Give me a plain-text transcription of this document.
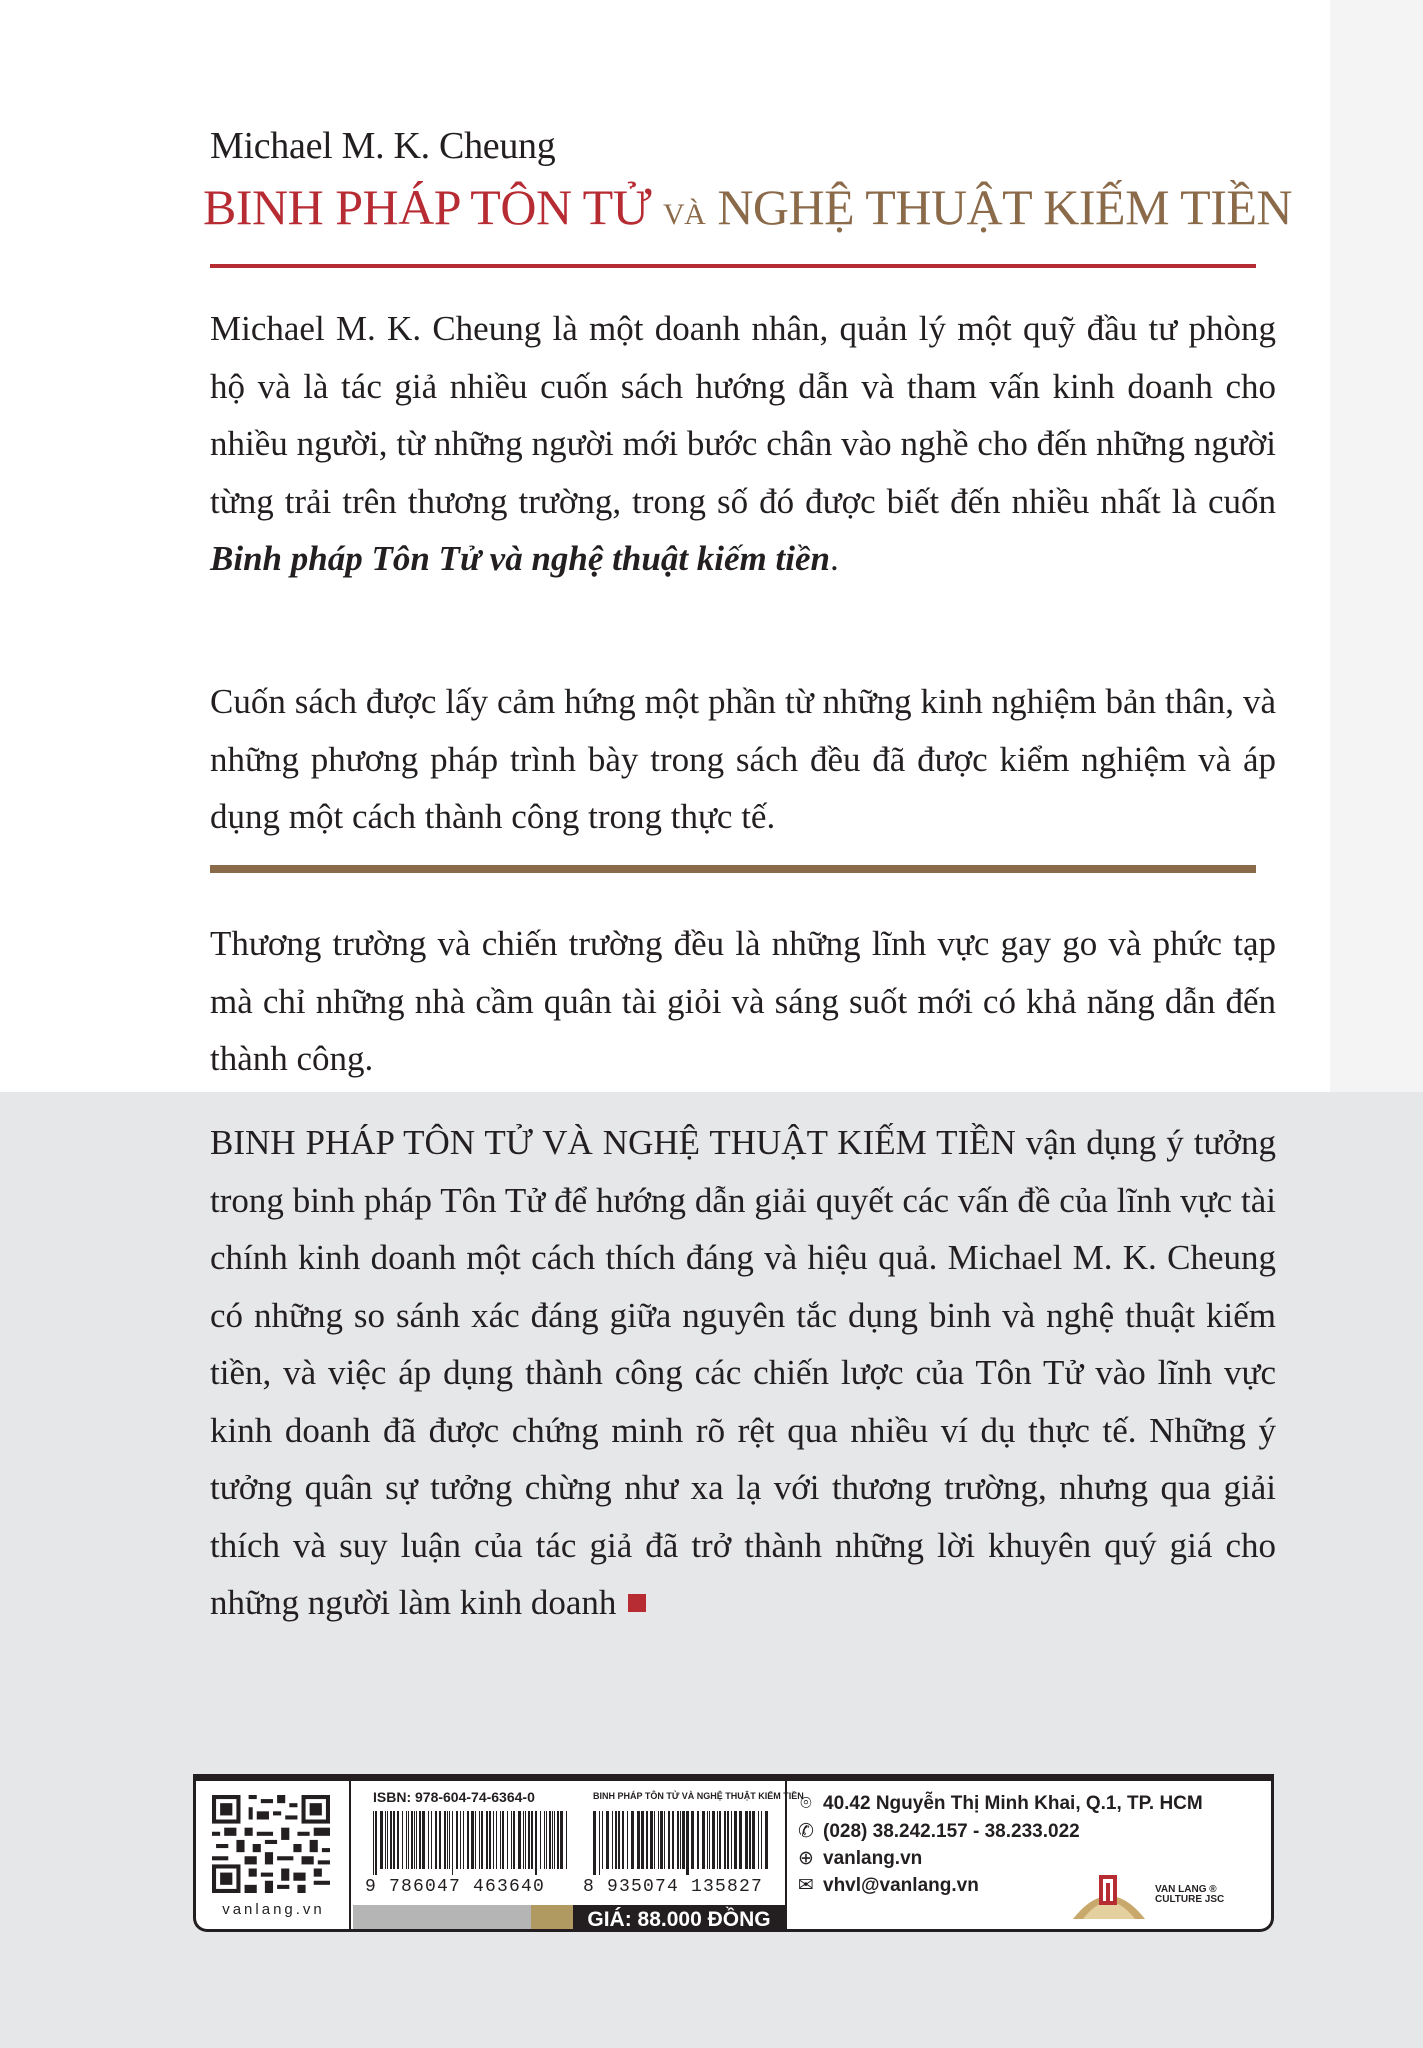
Michael M. K. Cheung
BINH PHÁP TÔN TỬ VÀ NGHỆ THUẬT KIẾM TIỀN
Michael M. K. Cheung là một doanh nhân, quản lý một quỹ đầu tư phòng hộ và là tác giả nhiều cuốn sách hướng dẫn và tham vấn kinh doanh cho nhiều người, từ những người mới bước chân vào nghề cho đến những người từng trải trên thương trường, trong số đó được biết đến nhiều nhất là cuốn Binh pháp Tôn Tử và nghệ thuật kiếm tiền.
Cuốn sách được lấy cảm hứng một phần từ những kinh nghiệm bản thân, và những phương pháp trình bày trong sách đều đã được kiểm nghiệm và áp dụng một cách thành công trong thực tế.
Thương trường và chiến trường đều là những lĩnh vực gay go và phức tạp mà chỉ những nhà cầm quân tài giỏi và sáng suốt mới có khả năng dẫn đến thành công.
BINH PHÁP TÔN TỬ VÀ NGHỆ THUẬT KIẾM TIỀN vận dụng ý tưởng trong binh pháp Tôn Tử để hướng dẫn giải quyết các vấn đề của lĩnh vực tài chính kinh doanh một cách thích đáng và hiệu quả. Michael M. K. Cheung có những so sánh xác đáng giữa nguyên tắc dụng binh và nghệ thuật kiếm tiền, và việc áp dụng thành công các chiến lược của Tôn Tử vào lĩnh vực kinh doanh đã được chứng minh rõ rệt qua nhiều ví dụ thực tế. Những ý tưởng quân sự tưởng chừng như xa lạ với thương trường, nhưng qua giải thích và suy luận của tác giả đã trở thành những lời khuyên quý giá cho những người làm kinh doanh
vanlang.vn
ISBN: 978-604-74-6364-0	BINH PHÁP TÔN TỬ VÀ NGHỆ THUẬT KIẾM TIỀN
9 786047 463640 8 935074 135827
GIÁ: 88.000 ĐỒNG
⌾ 40.42 Nguyễn Thị Minh Khai, Q.1, TP. HCM
✆ (028) 38.242.157 - 38.233.022
⊕ vanlang.vn
✉ vhvl@vanlang.vn	VAN LANG ®
CULTURE JSC
